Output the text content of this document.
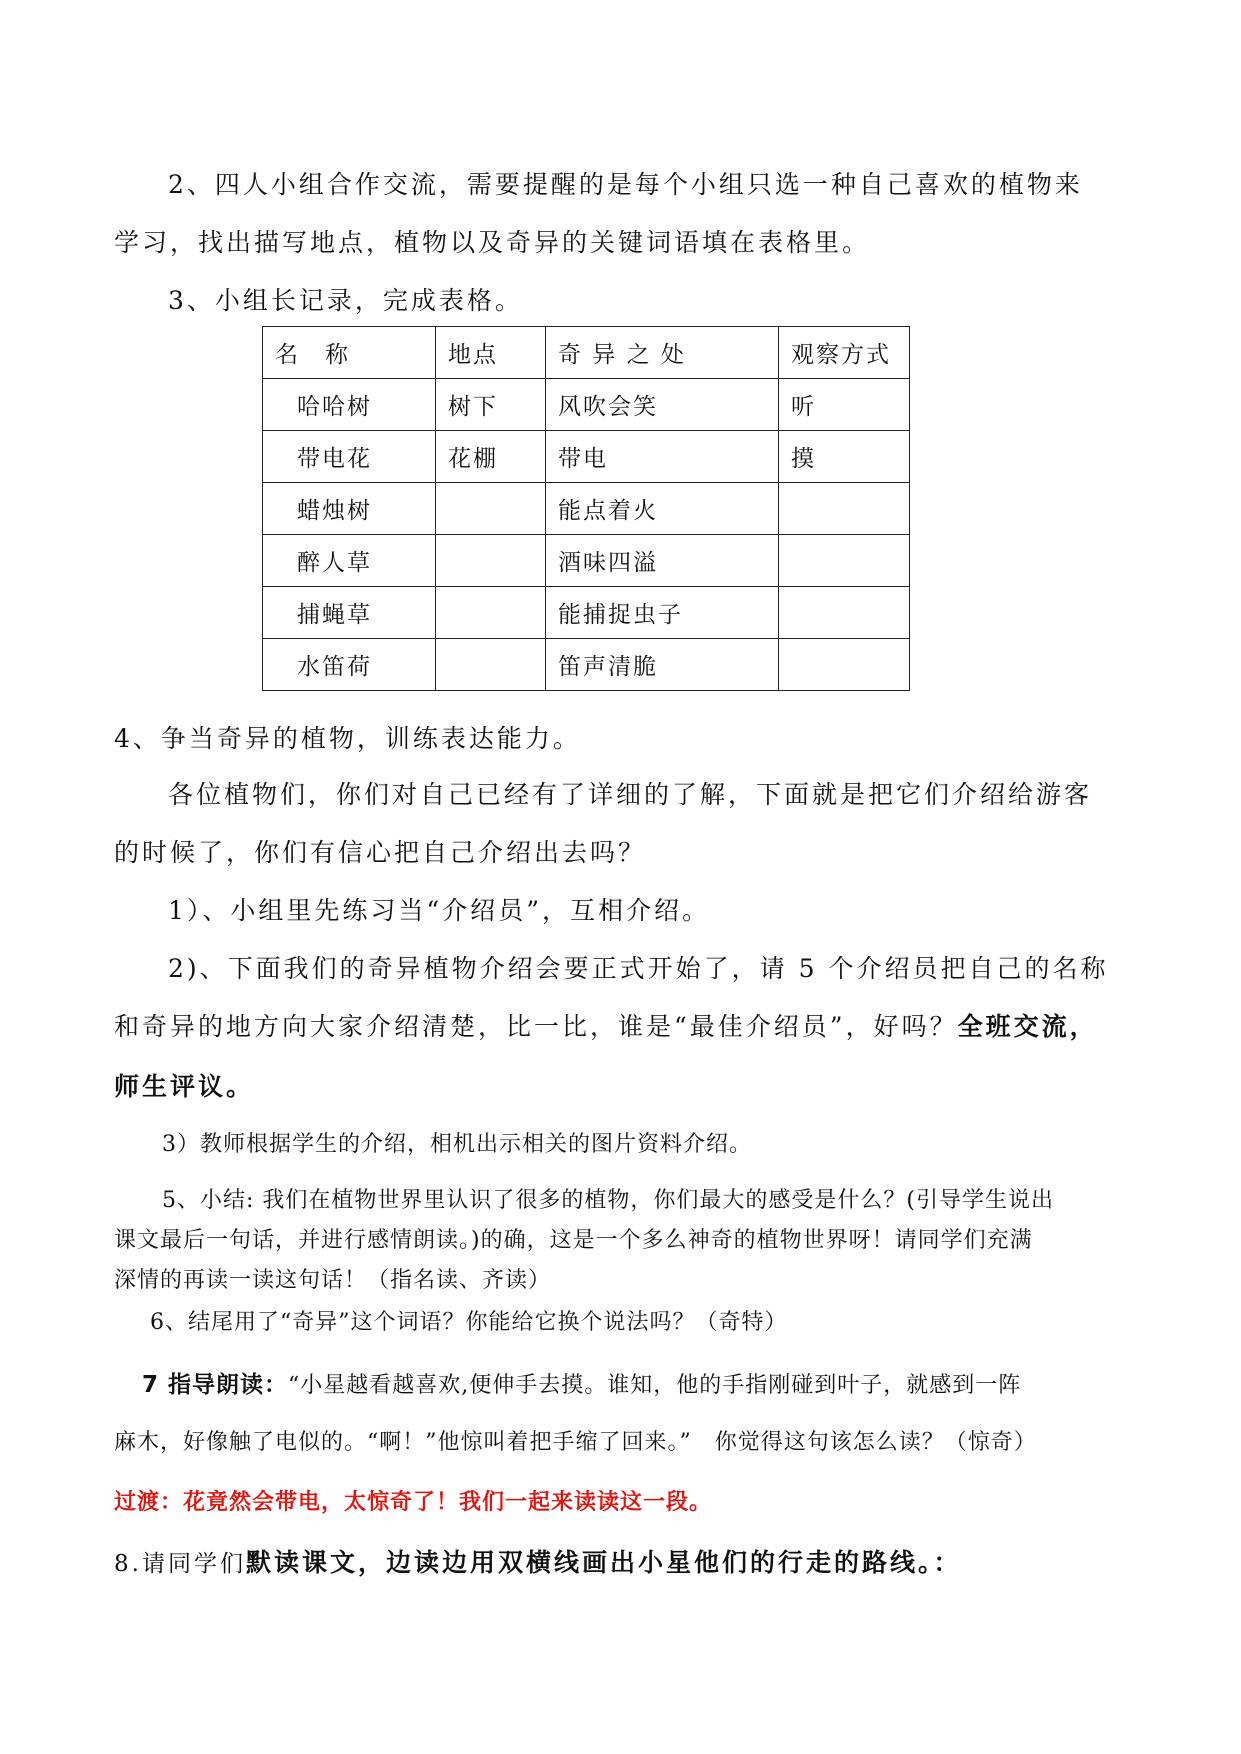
2、四人小组合作交流，需要提醒的是每个小组只选一种自己喜欢的植物来
学习，找出描写地点，植物以及奇异的关键词语填在表格里。
3、小组长记录，完成表格。
名　称	地点	奇 异 之 处	观察方式
哈哈树	树下	风吹会笑	听
带电花	花棚	带电	摸
蜡烛树		能点着火	
醉人草		酒味四溢	
捕蝇草		能捕捉虫子	
水笛荷		笛声清脆	
4、争当奇异的植物，训练表达能力。
各位植物们，你们对自己已经有了详细的了解，下面就是把它们介绍给游客
的时候了，你们有信心把自己介绍出去吗？
1）、小组里先练习当“介绍员”，互相介绍。
2)、下面我们的奇异植物介绍会要正式开始了，请 5 个介绍员把自己的名称
和奇异的地方向大家介绍清楚，比一比，谁是“最佳介绍员”，好吗？全班交流，
师生评议。
3）教师根据学生的介绍，相机出示相关的图片资料介绍。
5、小结: 我们在植物世界里认识了很多的植物，你们最大的感受是什么？(引导学生说出
课文最后一句话，并进行感情朗读。)的确，这是一个多么神奇的植物世界呀！请同学们充满
深情的再读一读这句话！（指名读、齐读）
6、结尾用了“奇异”这个词语？你能给它换个说法吗？（奇特）
7 指导朗读：“小星越看越喜欢,便伸手去摸。谁知，他的手指刚碰到叶子，就感到一阵
麻木，好像触了电似的。“啊！”他惊叫着把手缩了回来。”　你觉得这句该怎么读？（惊奇）
过渡：花竟然会带电，太惊奇了！我们一起来读读这一段。
8.请同学们默读课文，边读边用双横线画出小星他们的行走的路线。：
